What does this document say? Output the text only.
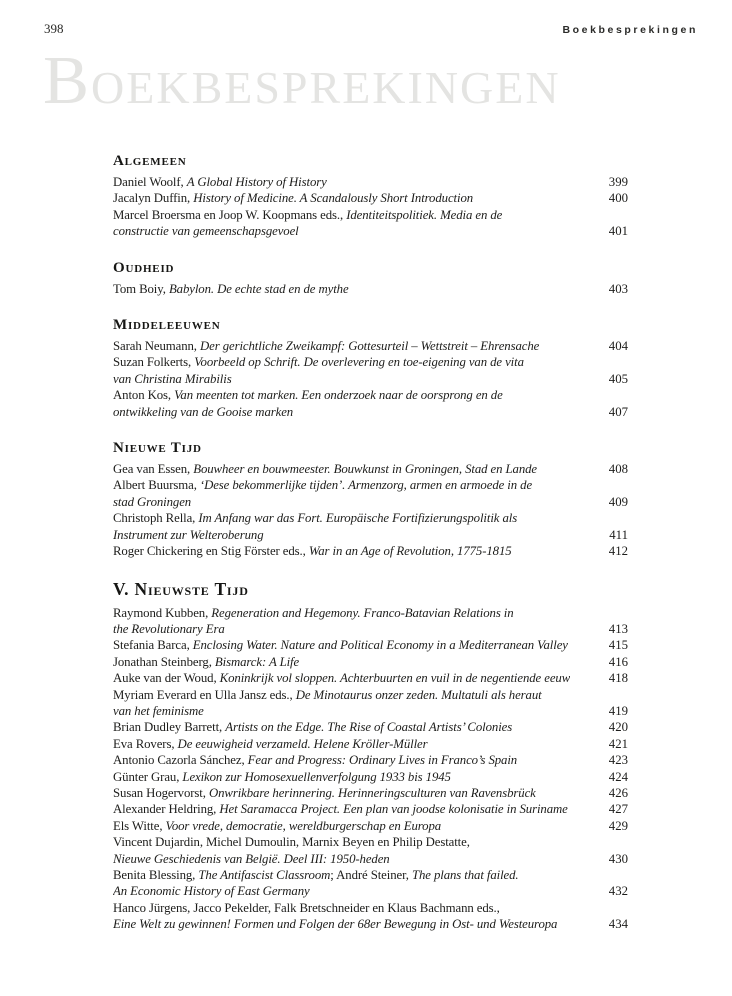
398	Boekbesprekingen
BOEKBESPREKINGEN
Algemeen
Daniel Woolf, A Global History of History	399
Jacalyn Duffin, History of Medicine. A Scandalously Short Introduction	400
Marcel Broersma en Joop W. Koopmans eds., Identiteitspolitiek. Media en de
constructie van gemeenschapsgevoel	401
Oudheid
Tom Boiy, Babylon. De echte stad en de mythe	403
Middeleeuwen
Sarah Neumann, Der gerichtliche Zweikampf: Gottesurteil – Wettstreit – Ehrensache	404
Suzan Folkerts, Voorbeeld op Schrift. De overlevering en toe-eigening van de vita
van Christina Mirabilis	405
Anton Kos, Van meenten tot marken. Een onderzoek naar de oorsprong en de
ontwikkeling van de Gooise marken	407
Nieuwe Tijd
Gea van Essen, Bouwheer en bouwmeester. Bouwkunst in Groningen, Stad en Lande	408
Albert Buursma, ‘Dese bekommerlijke tijden’. Armenzorg, armen en armoede in de
stad Groningen	409
Christoph Rella, Im Anfang war das Fort. Europäische Fortifizierungspolitik als
Instrument zur Welteroberung	411
Roger Chickering en Stig Förster eds., War in an Age of Revolution, 1775-1815	412
V. Nieuwste Tijd
Raymond Kubben, Regeneration and Hegemony. Franco-Batavian Relations in
the Revolutionary Era	413
Stefania Barca, Enclosing Water. Nature and Political Economy in a Mediterranean Valley	415
Jonathan Steinberg, Bismarck: A Life	416
Auke van der Woud, Koninkrijk vol sloppen. Achterbuurten en vuil in de negentiende eeuw	418
Myriam Everard en Ulla Jansz eds., De Minotaurus onzer zeden. Multatuli als heraut
van het feminisme	419
Brian Dudley Barrett, Artists on the Edge. The Rise of Coastal Artists’ Colonies	420
Eva Rovers, De eeuwigheid verzameld. Helene Kröller-Müller	421
Antonio Cazorla Sánchez, Fear and Progress: Ordinary Lives in Franco’s Spain	423
Günter Grau, Lexikon zur Homosexuellenverfolgung 1933 bis 1945	424
Susan Hogervorst, Onwrikbare herinnering. Herinneringsculturen van Ravensbrück	426
Alexander Heldring, Het Saramacca Project. Een plan van joodse kolonisatie in Suriname	427
Els Witte, Voor vrede, democratie, wereldburgerschap en Europa	429
Vincent Dujardin, Michel Dumoulin, Marnix Beyen en Philip Destatte,
Nieuwe Geschiedenis van België. Deel III: 1950-heden	430
Benita Blessing, The Antifascist Classroom; André Steiner, The plans that failed.
An Economic History of East Germany	432
Hanco Jürgens, Jacco Pekelder, Falk Bretschneider en Klaus Bachmann eds.,
Eine Welt zu gewinnen! Formen und Folgen der 68er Bewegung in Ost- und Westeuropa	434
